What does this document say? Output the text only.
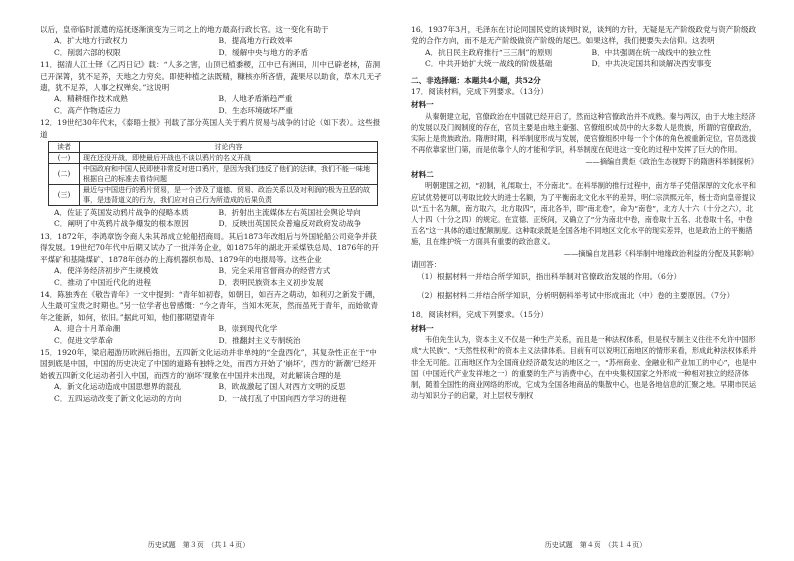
以后，皇帝临时派遣的巡抚逐渐演变为三司之上的地方最高行政长官。这一变化有助于

A．扩大地方行政权力	B．提高地方行政效率
C．削弱六部的权限	D．缓解中央与地方的矛盾

11．据清人江士铎《乙丙日记》载：“人多之害，山顶已植黍稷，江中已有洲田，川中已辟老林，苗洞已开深箐，犹不足养，天地之力穷矣。即使种植之法既精，糠核亦所吝惜，蔬果尽以助食，草木几无孑遗，犹不足养，人事之权殚矣。”这说明

A．精耕细作技术成熟	B．人地矛盾渐趋严重
C．高产作物适应力	D．生态环境破坏严重

12．19世纪30年代末，《泰晤士报》刊载了部分英国人关于鸦片贸易与战争的讨论（如下表）。这些报道

读者	讨论内容
(一)	现在还没开战，即使最后开战也不谈以鸦片的名义开战
(二)	中国政府和中国人民即使非常反对进口鸦片，是因为我们违反了他们的法律，我们不能一味地根据自己的标准去看待问题
(三)	最近与中国进行的鸦片贸易，是一个涉及了道德、贸易、政治关系以及对利润的极为丑恶的故事，是违背道义的行为，我们应对自己行为所造成的后果负责
A．佐证了英国发动鸦片战争的侵略本质	B．折射出主流媒体左右英国社会舆论导向
C．阐明了中英鸦片战争爆发的根本原因	D．反映出英国民众普遍反对政府发动战争

13．1872年，李鸿章饬令商人朱其昂成立轮船招商局。其后1873年改组后与外国轮船公司竞争并获得发展。19世纪70年代中后期又试办了一批洋务企业，如1875年的湖北开采煤铁总局、1876年的开平煤矿和基隆煤矿、1878年创办的上海机器织布局、1879年的电报局等。这些企业

A．使洋务经济初步产生规模效	B．完全采用官督商办的经营方式
C．推动了中国近代化的进程	D．表明民族资本主义初步发展

14．陈独秀在《敬告青年》一文中提到：“青年如初春，如朝日，如百卉之萌动，如利刃之新发于硎，人生最可宝贵之时期也。”另一位学者也曾感慨：“今之青年，当知木死灰，然而虽死于青年，而始欲青年之能新，如何，依旧。”据此可知，他们都期望青年

A．迎合十月革命潮	B．崇到现代化学
C．促进文学革命	D．推翻封主义专制统治

15．1920年，梁启超游历欧洲后指出，五四新文化运动并非单纯的“全盘西化”，其复杂性正在于“中国到底是中国，中国的历史决定了中国的道路有独特之处，而西方开始了‘崩坏’，西方的‘新潮’已经开始被五四新文化运动者引入中国，而西方的‘崩坏’现象在中国并未出现，对此解读合理的是

A．新文化运动造成中国思想界的混乱	B．欧战激起了国人对西方文明的反思
C．五四运动改变了新文化运动的方向	D．一战打乱了中国向西方学习的进程
历史试题　第３页　（共１４页）

16．1937年3月，毛泽东在讨论同国民党的谈判时说，谈判的方针，无疑是无产阶级政党与资产阶级政党的合作方向，而不是无产阶级做资产阶级的尾巴。如果这样，我们便要失去信仰。这表明

A．抗日民主政府推行“三三制”的原则	B．中共强调在统一战线中的独立性
C．中共开始扩大统一战线的阶级基础	D．中共决定国共和谈解决西安事变

二、非选择题：本题共4小题，共52分

17．阅读材料，完成下列要求。（13分）

材料一

从秦朝建立起，官僚政治在中国就已经开启了，然而这种官僚政治并不成熟。秦与两汉，由于大地主经济的发展以及门阀制度的存在，官员主要是由地主豪强、官僚组织成员中的大多数人是贵族，所谓的官僚政治，实际上是贵族政治。隋唐时期，科举制度形成与发展，使官僚组织中每一个个体的角色被重新定位，官员选拔不再依靠家世门第，而是依靠个人的才能和学识，科举制度在促进这一变化的过程中发挥了巨大的作用。

——摘编自黄炬《政治生态视野下的隋唐科举制探析》

材料二

明朝建国之初，“初制，礼闱取士，不分南北”。在科举制的推行过程中，南方举子凭借深厚的文化水平和应试优势便可以考取比较大的进士名额，为了平衡南北文化水平的差异，明仁宗洪熙元年，杨士奇向皇帝提议以“五十名为额，南方取六，北方取四”，南北各半，即“南北卷”，命为“南卷”，北方人十六（十分之六），北人十四（十分之四）的规定。在宣德、正统间，又确立了“分为南北中卷，南卷取十五名、北卷取十名，中卷五名”这一具体的通过配额制度。这种取录既是全国各地不同地区文化水平的现实差异，也是政治上的平衡措施，且在维护统一方面具有重要的政治意义。

——摘编自龙昌彩《科举制中地缘政治利益的分配及其影响》

请回答：

（1）根据材料一并结合所学知识，指出科举制对官僚政治发展的作用。（6分）

（2）根据材料二并结合所学知识，分析明朝科举考试中形成南北（中）卷的主要原因。（7分）

18．阅读材料，完成下列要求。（15分）

材料一

韦伯先生认为，资本主义不仅是一种生产关系，而且是一种法权体系，但是权专制主义往往不允许中国形成“大民族”、“天然性权利”的资本主义法律体系。目前有可以说明江南地区的情形来看，形成此种法权体系并非全无可能。江南地区作为全国商业经济最发达的地区之一，“苏州商业、金融业和产业加工的中心”，也是中国（中国近代产业发祥地之一）的重要的生产与消费中心，在中央集权国家之外形成一种相对独立的经济体制，随着全国性的商业网络的形成，它成为全国各地商品的集散中心，也是各地信息的汇聚之地。早期市民运动与知识分子的启蒙，对上层权专制权

历史试题　第４页　（共１４页）
